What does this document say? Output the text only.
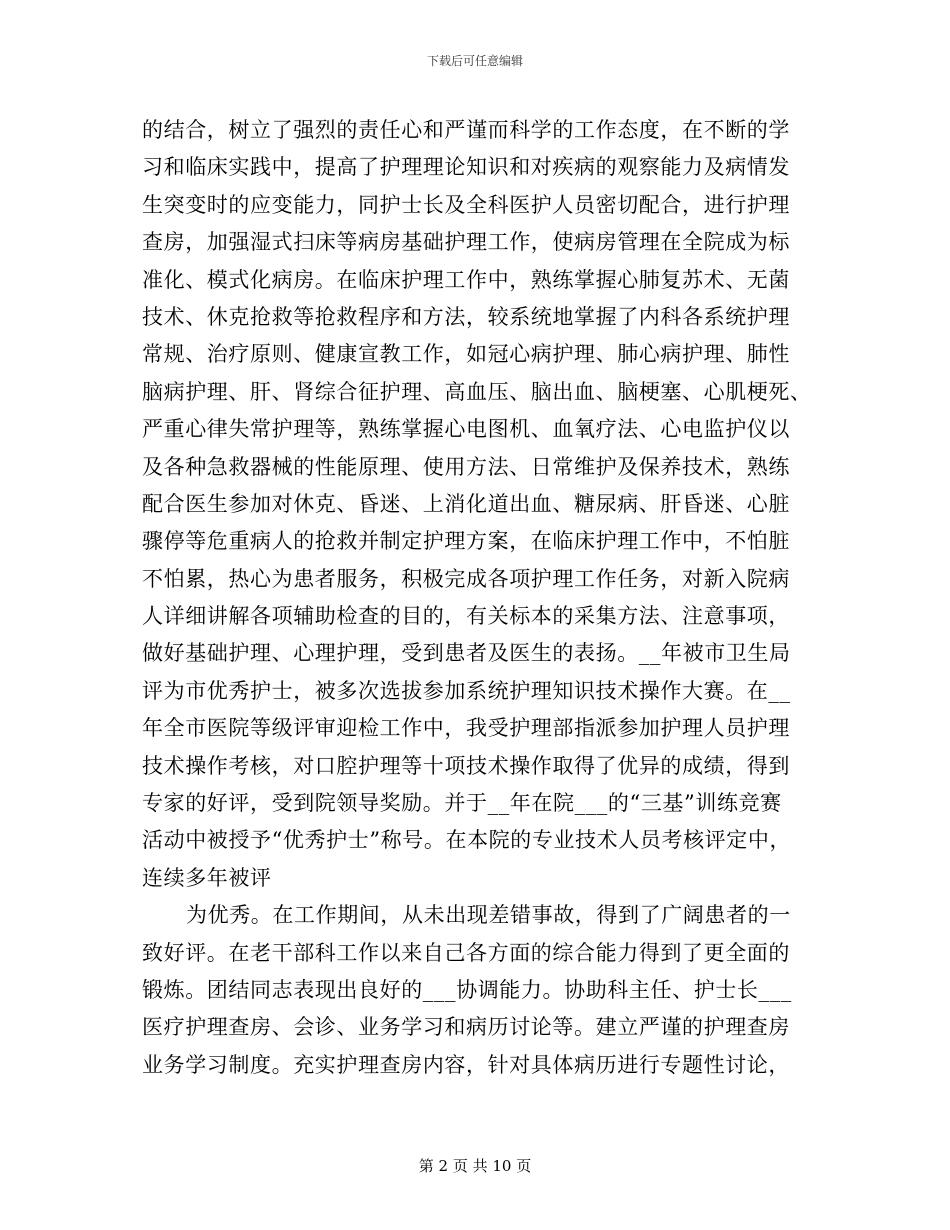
下载后可任意编辑
的结合，树立了强烈的责任心和严谨而科学的工作态度，在不断的学
习和临床实践中，提高了护理理论知识和对疾病的观察能力及病情发
生突变时的应变能力，同护士长及全科医护人员密切配合，进行护理
查房，加强湿式扫床等病房基础护理工作，使病房管理在全院成为标
准化、模式化病房。在临床护理工作中，熟练掌握心肺复苏术、无菌
技术、休克抢救等抢救程序和方法，较系统地掌握了内科各系统护理
常规、治疗原则、健康宣教工作，如冠心病护理、肺心病护理、肺性
脑病护理、肝、肾综合征护理、高血压、脑出血、脑梗塞、心肌梗死、
严重心律失常护理等，熟练掌握心电图机、血氧疗法、心电监护仪以
及各种急救器械的性能原理、使用方法、日常维护及保养技术，熟练
配合医生参加对休克、昏迷、上消化道出血、糖尿病、肝昏迷、心脏
骤停等危重病人的抢救并制定护理方案，在临床护理工作中，不怕脏
不怕累，热心为患者服务，积极完成各项护理工作任务，对新入院病
人详细讲解各项辅助检查的目的，有关标本的采集方法、注意事项，
做好基础护理、心理护理，受到患者及医生的表扬。__年被市卫生局
评为市优秀护士，被多次选拔参加系统护理知识技术操作大赛。在__
年全市医院等级评审迎检工作中，我受护理部指派参加护理人员护理
技术操作考核，对口腔护理等十项技术操作取得了优异的成绩，得到
专家的好评，受到院领导奖励。并于__年在院___的“三基”训练竞赛
活动中被授予“优秀护士”称号。在本院的专业技术人员考核评定中，
连续多年被评
为优秀。在工作期间，从未出现差错事故，得到了广阔患者的一
致好评。在老干部科工作以来自己各方面的综合能力得到了更全面的
锻炼。团结同志表现出良好的___协调能力。协助科主任、护士长___
医疗护理查房、会诊、业务学习和病历讨论等。建立严谨的护理查房
业务学习制度。充实护理查房内容，针对具体病历进行专题性讨论，
第 2 页 共 10 页
